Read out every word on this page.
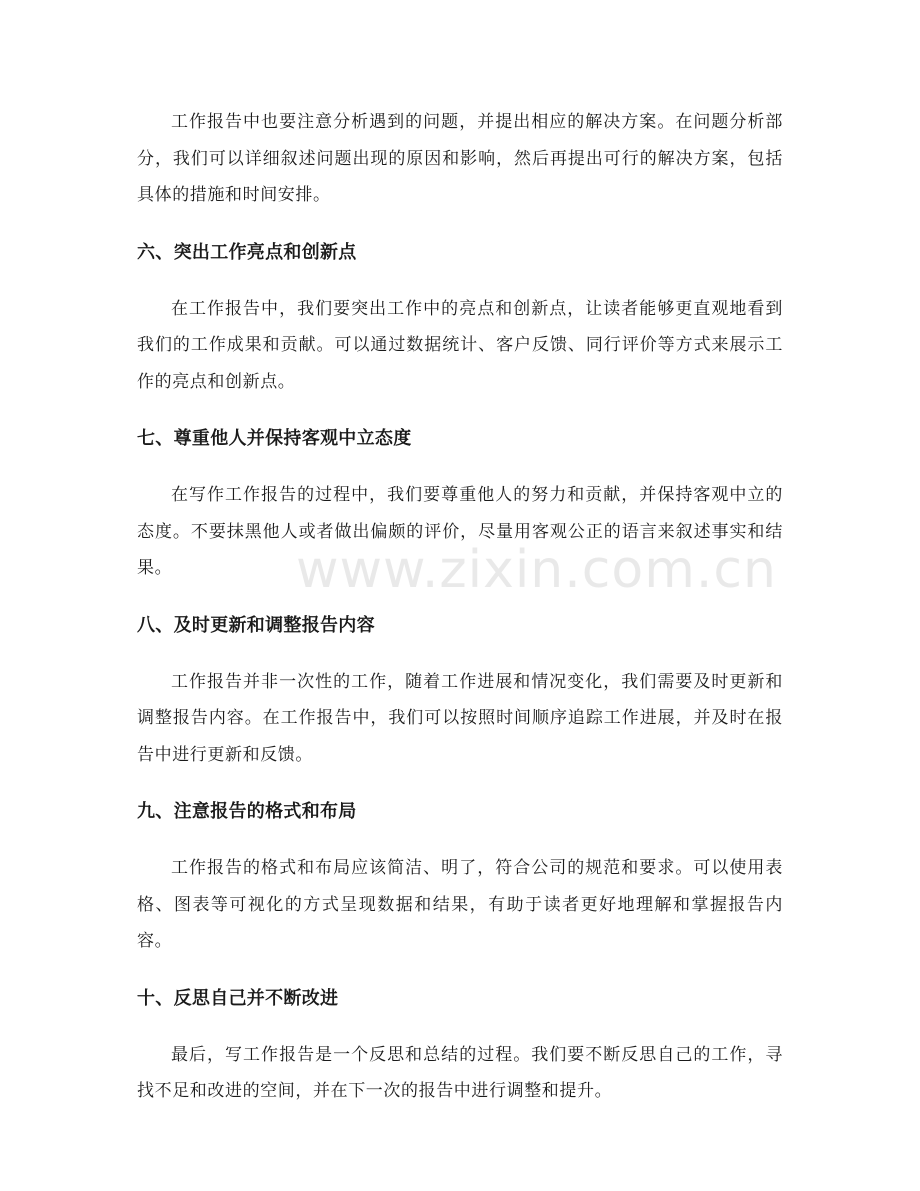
www.zixin.com.cn

工作报告中也要注意分析遇到的问题，并提出相应的解决方案。在问题分析部分，我们可以详细叙述问题出现的原因和影响，然后再提出可行的解决方案，包括具体的措施和时间安排。

六、突出工作亮点和创新点

在工作报告中，我们要突出工作中的亮点和创新点，让读者能够更直观地看到我们的工作成果和贡献。可以通过数据统计、客户反馈、同行评价等方式来展示工作的亮点和创新点。

七、尊重他人并保持客观中立态度

在写作工作报告的过程中，我们要尊重他人的努力和贡献，并保持客观中立的态度。不要抹黑他人或者做出偏颇的评价，尽量用客观公正的语言来叙述事实和结果。

八、及时更新和调整报告内容

工作报告并非一次性的工作，随着工作进展和情况变化，我们需要及时更新和调整报告内容。在工作报告中，我们可以按照时间顺序追踪工作进展，并及时在报告中进行更新和反馈。

九、注意报告的格式和布局

工作报告的格式和布局应该简洁、明了，符合公司的规范和要求。可以使用表格、图表等可视化的方式呈现数据和结果，有助于读者更好地理解和掌握报告内容。

十、反思自己并不断改进

最后，写工作报告是一个反思和总结的过程。我们要不断反思自己的工作，寻找不足和改进的空间，并在下一次的报告中进行调整和提升。
